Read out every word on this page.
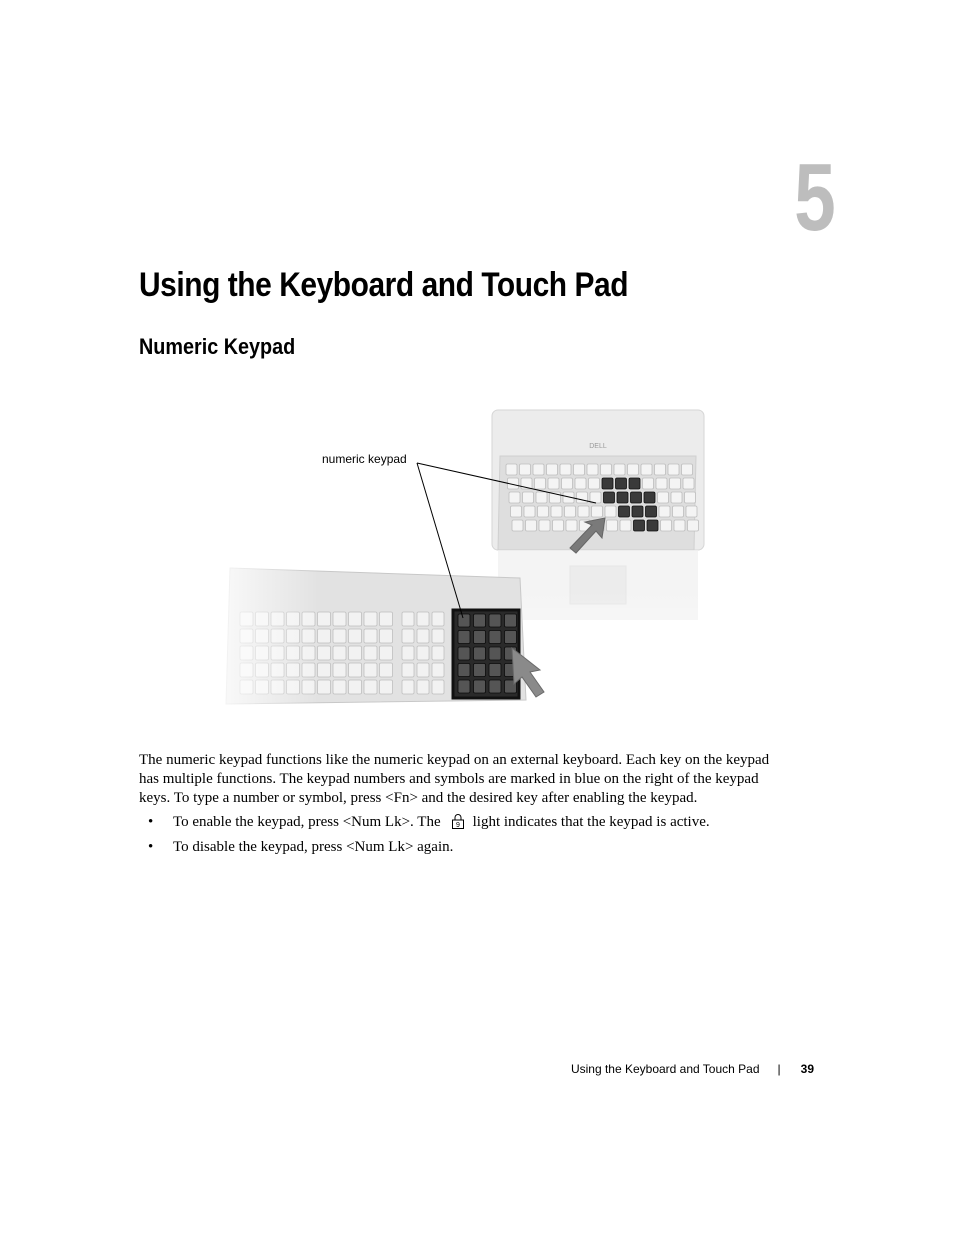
5
Using the Keyboard and Touch Pad
Numeric Keypad
numeric keypad

The numeric keypad functions like the numeric keypad on an external keyboard. Each key on the keypad has multiple functions. The keypad numbers and symbols are marked in blue on the right of the keypad keys. To type a number or symbol, press <Fn> and the desired key after enabling the keypad.

• To enable the keypad, press <Num Lk>. The 9 light indicates that the keypad is active.
• To disable the keypad, press <Num Lk> again.
Using the Keyboard and Touch Pad | 39
